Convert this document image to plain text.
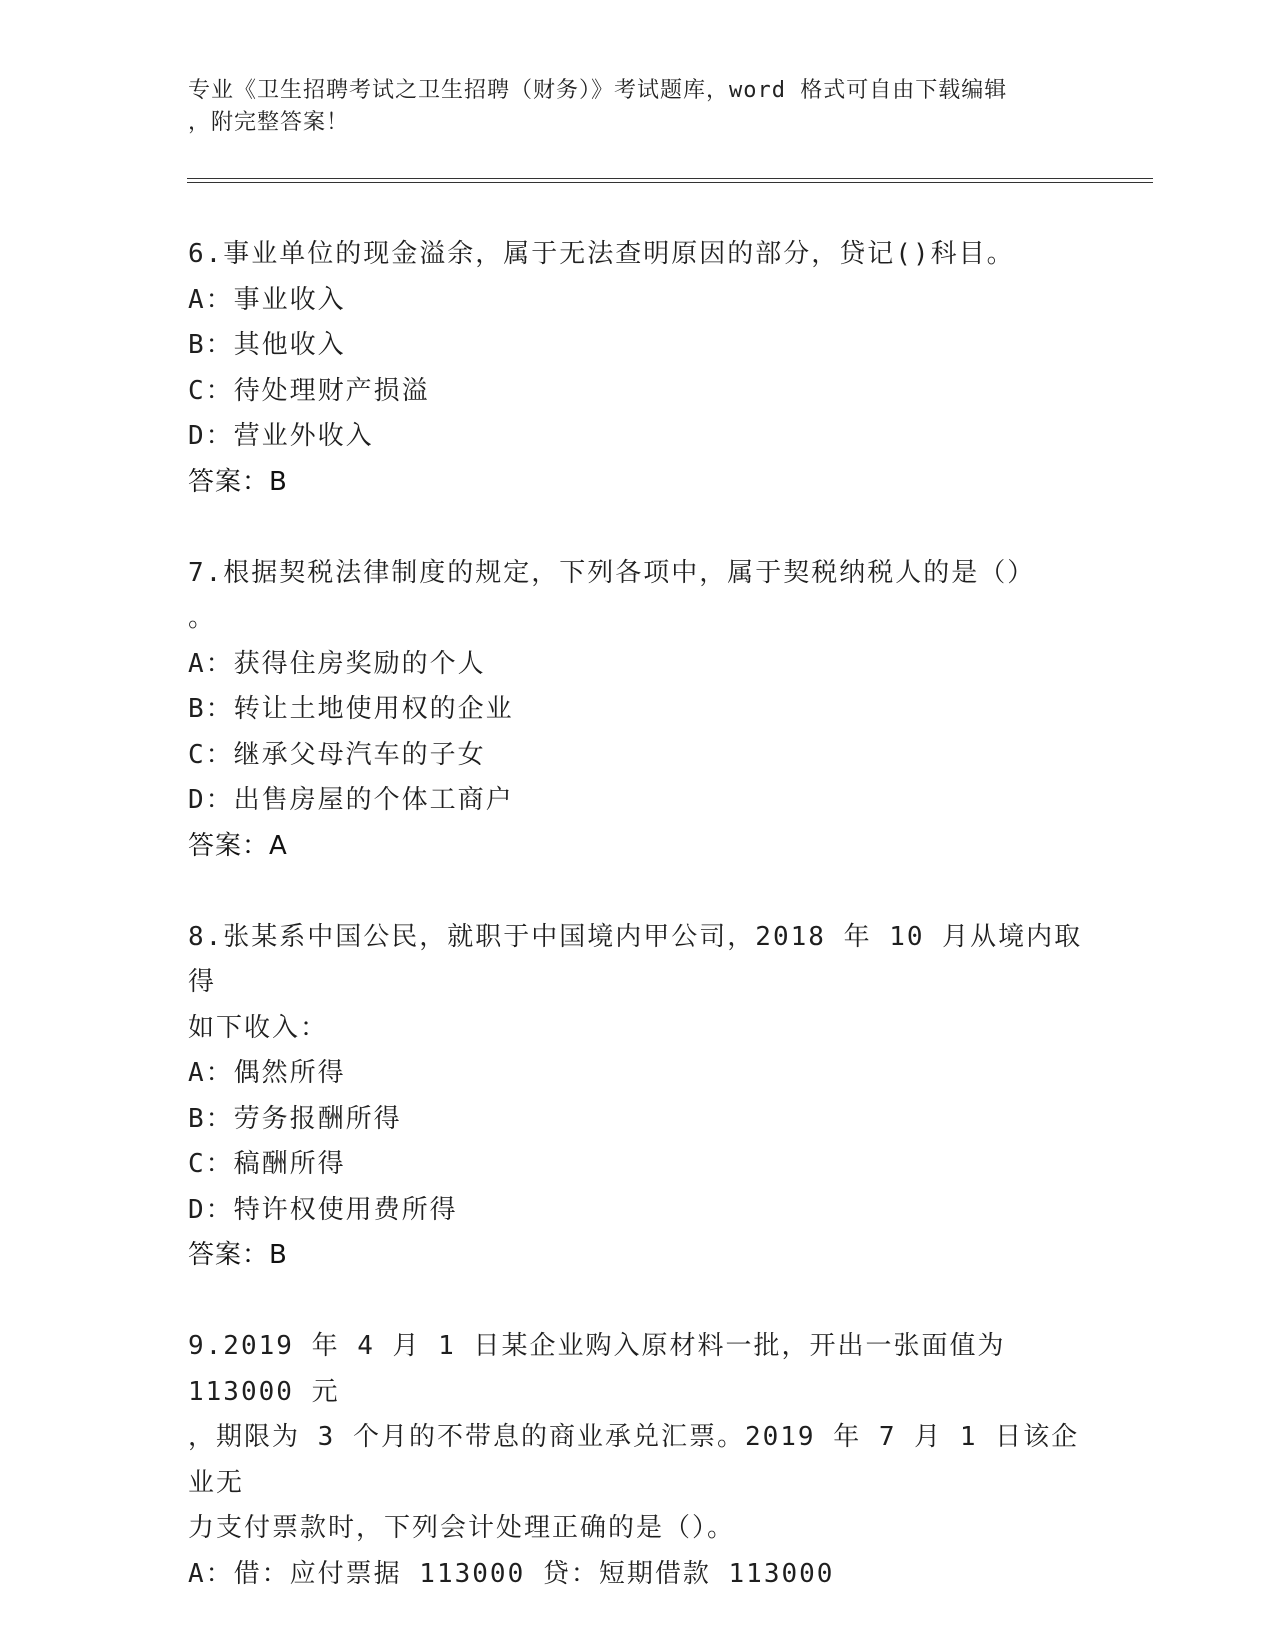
专业《卫生招聘考试之卫生招聘（财务）》考试题库，word 格式可自由下载编辑
，附完整答案！

6.事业单位的现金溢余，属于无法查明原因的部分，贷记()科目。

A：事业收入

B：其他收入

C：待处理财产损溢

D：营业外收入

答案：B

7.根据契税法律制度的规定，下列各项中，属于契税纳税人的是（）

。

A：获得住房奖励的个人

B：转让土地使用权的企业

C：继承父母汽车的子女

D：出售房屋的个体工商户

答案：A

8.张某系中国公民，就职于中国境内甲公司，2018 年 10 月从境内取得

如下收入：

A：偶然所得

B：劳务报酬所得

C：稿酬所得

D：特许权使用费所得

答案：B

9.2019 年 4 月 1 日某企业购入原材料一批，开出一张面值为 113000 元

，期限为 3 个月的不带息的商业承兑汇票。2019 年 7 月 1 日该企业无

力支付票款时，下列会计处理正确的是（）。

A：借：应付票据 113000 贷：短期借款 113000
